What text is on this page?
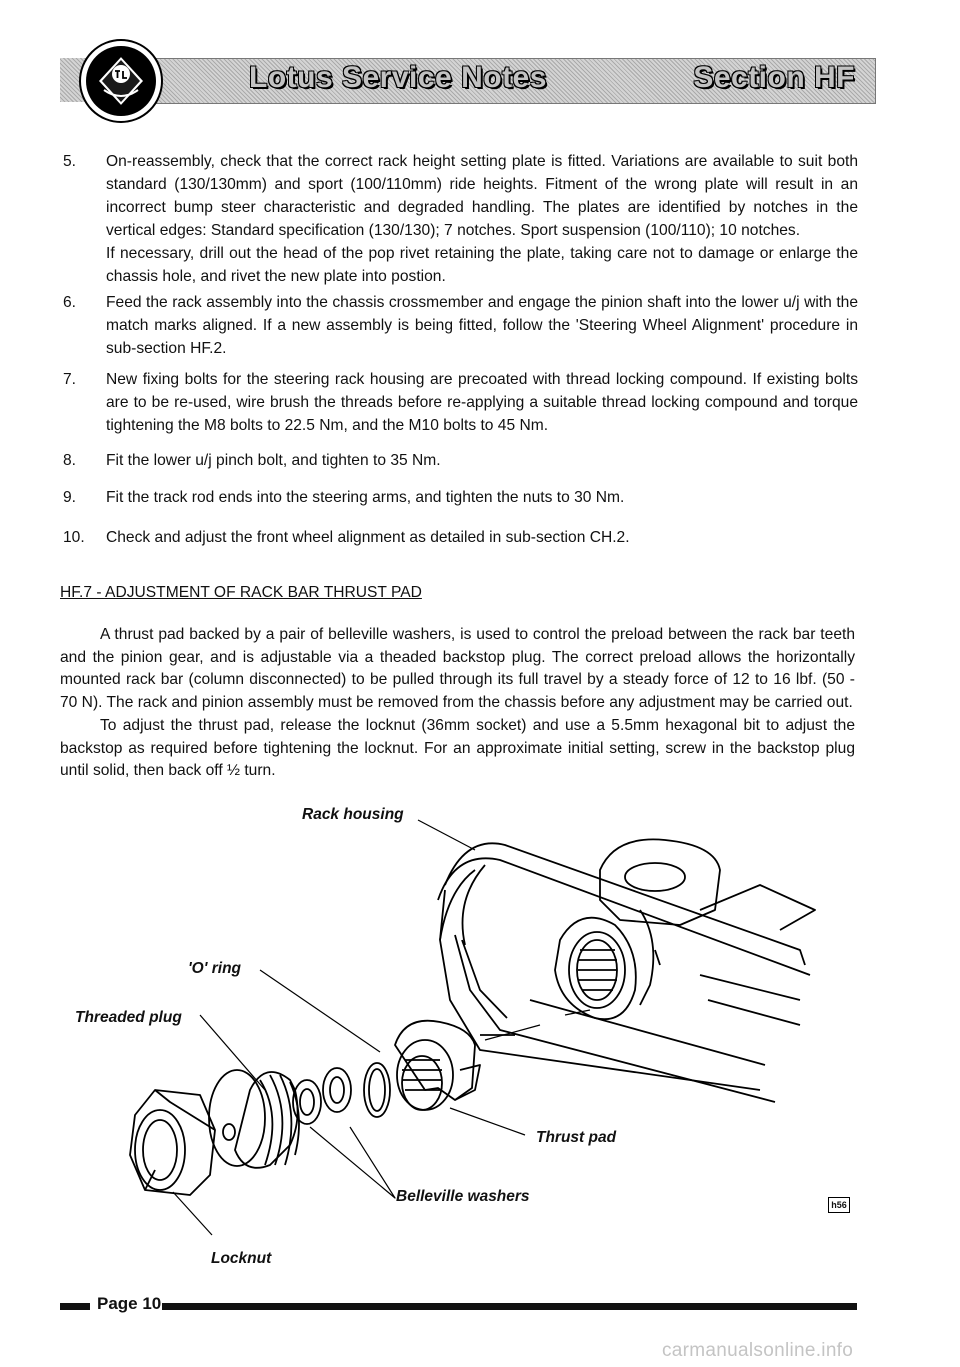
Lotus Service Notes	Section HF
5. On-reassembly, check that the correct rack height setting plate is fitted. Variations are available to suit both standard (130/130mm) and sport (100/110mm) ride heights. Fitment of the wrong plate will result in an incorrect bump steer characteristic and degraded handling. The plates are identified by notches in the vertical edges: Standard specification (130/130); 7 notches. Sport suspension (100/110); 10 notches.
If necessary, drill out the head of the pop rivet retaining the plate, taking care not to damage or enlarge the chassis hole, and rivet the new plate into postion.
6. Feed the rack assembly into the chassis crossmember and engage the pinion shaft into the lower u/j with the match marks aligned. If a new assembly is being fitted, follow the 'Steering Wheel Alignment' procedure in sub-section HF.2.
7. New fixing bolts for the steering rack housing are precoated with thread locking compound. If existing bolts are to be re-used, wire brush the threads before re-applying a suitable thread locking compound and torque tightening the M8 bolts to 22.5 Nm, and the M10 bolts to 45 Nm.
8. Fit the lower u/j pinch bolt, and tighten to 35 Nm.
9. Fit the track rod ends into the steering arms, and tighten the nuts to 30 Nm.
10. Check and adjust the front wheel alignment as detailed in sub-section CH.2.
HF.7 - ADJUSTMENT OF RACK BAR THRUST PAD
A thrust pad backed by a pair of belleville washers, is used to control the preload between the rack bar teeth and the pinion gear, and is adjustable via a theaded backstop plug. The correct preload allows the horizontally mounted rack bar (column disconnected) to be pulled through its full travel by a steady force of 12 to 16 lbf. (50 - 70 N). The rack and pinion assembly must be removed from the chassis before any adjustment may be carried out.
To adjust the thrust pad, release the locknut (36mm socket) and use a 5.5mm hexagonal bit to adjust the backstop as required before tightening the locknut. For an approximate initial setting, screw in the backstop plug until solid, then back off ½ turn.
Rack housing
'O' ring
Threaded plug
Thrust pad
Belleville washers
Locknut
h56
Page 10
carmanualsonline.info
